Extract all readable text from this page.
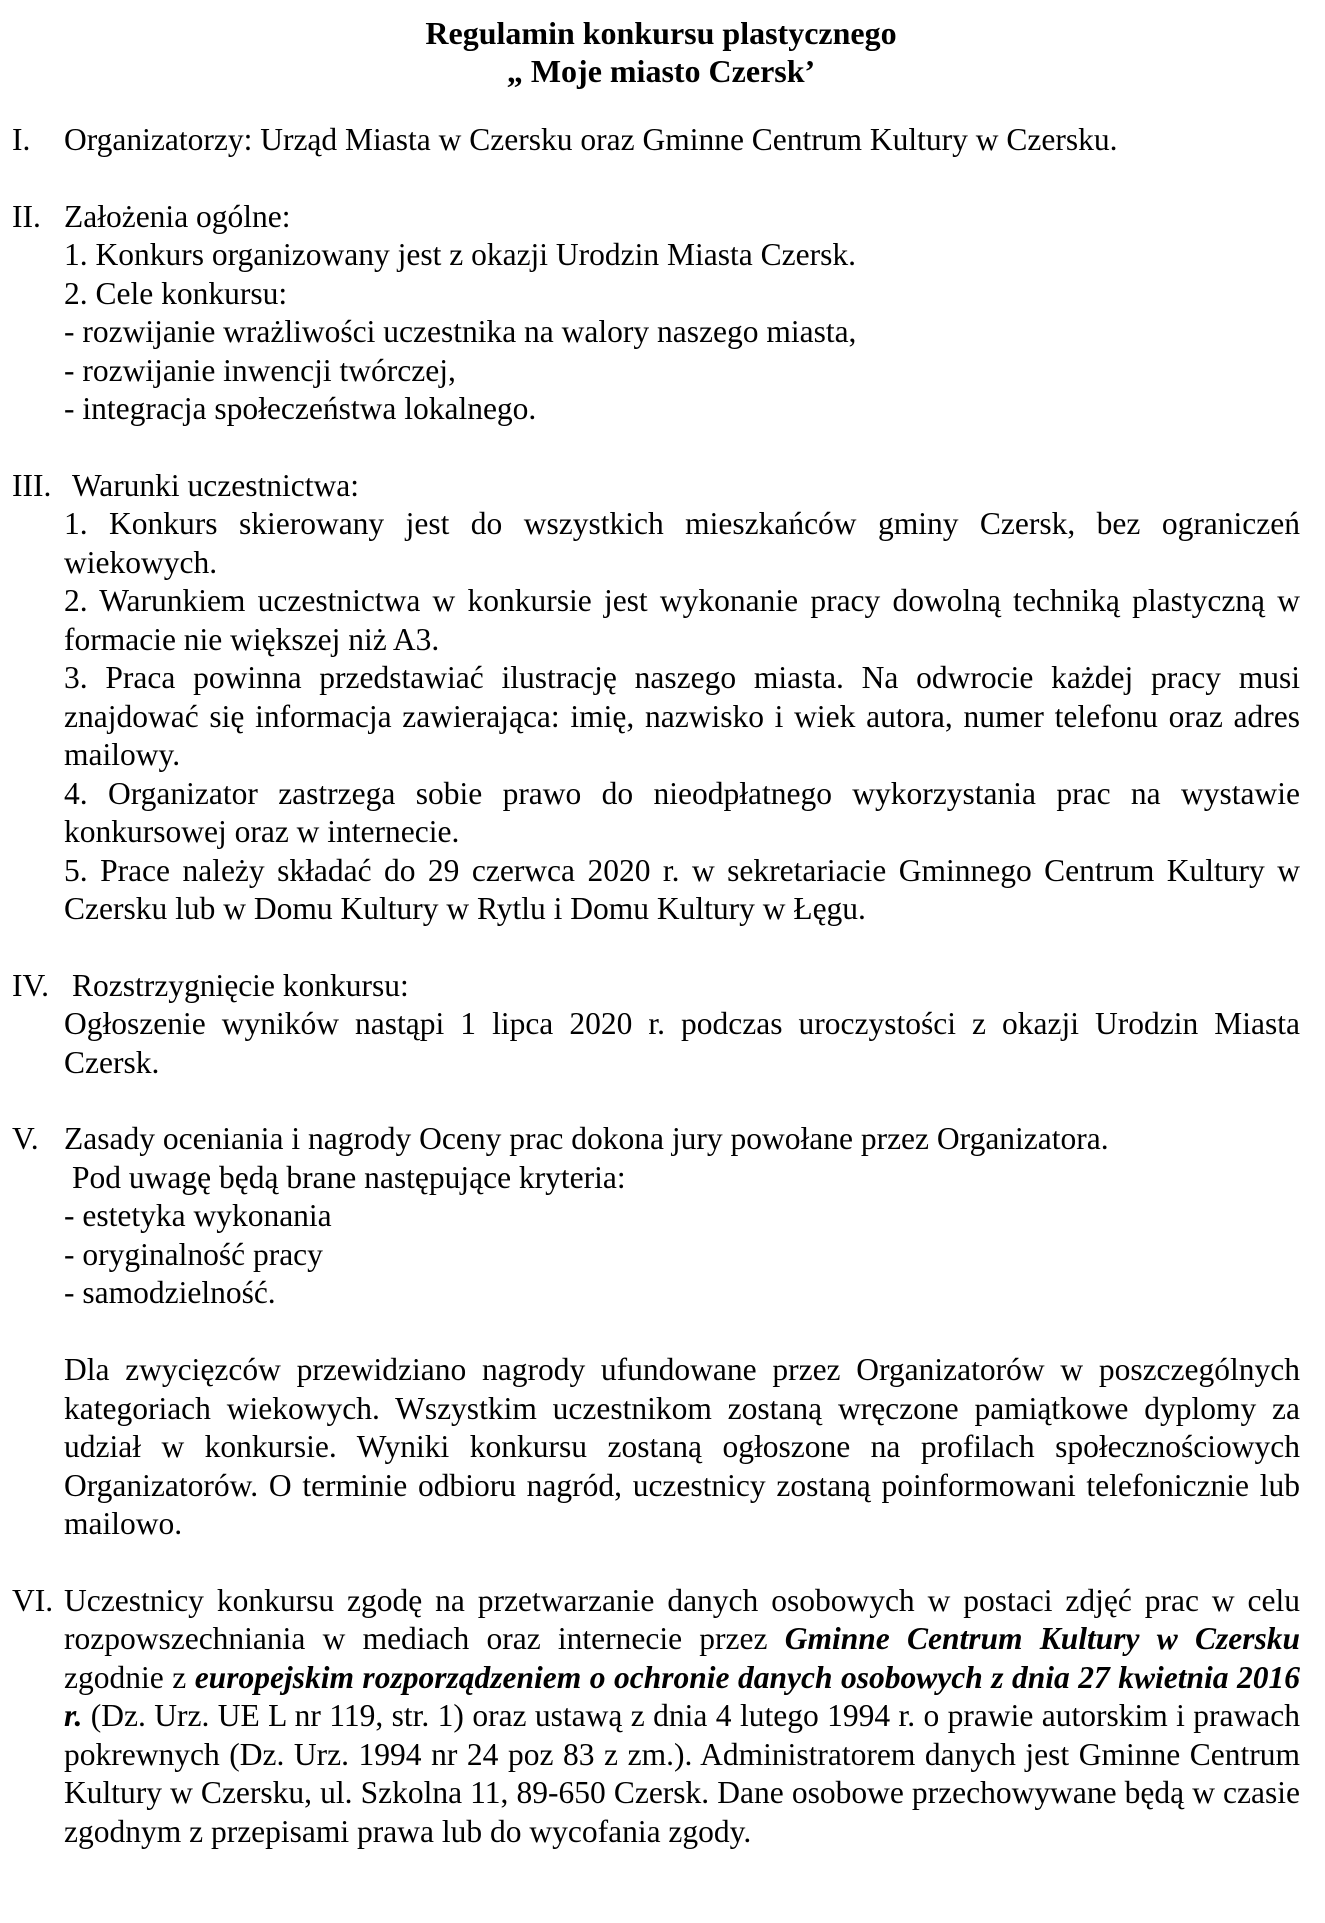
Regulamin konkursu plastycznego
„ Moje miasto Czersk’
I.	Organizatorzy: Urząd Miasta w Czersku oraz Gminne Centrum Kultury w Czersku.
II. Założenia ogólne:
1. Konkurs organizowany jest z okazji Urodzin Miasta Czersk.
2. Cele konkursu:
- rozwijanie wrażliwości uczestnika na walory naszego miasta,
- rozwijanie inwencji twórczej,
- integracja społeczeństwa lokalnego.
III. Warunki uczestnictwa:
1. Konkurs skierowany jest do wszystkich mieszkańców gminy Czersk, bez ograniczeń wiekowych.
2. Warunkiem uczestnictwa w konkursie jest wykonanie pracy dowolną techniką plastyczną w formacie nie większej niż A3.
3. Praca powinna przedstawiać ilustrację naszego miasta. Na odwrocie każdej pracy musi znajdować się informacja zawierająca: imię, nazwisko i wiek autora, numer telefonu oraz adres mailowy.
4. Organizator zastrzega sobie prawo do nieodpłatnego wykorzystania prac na wystawie konkursowej oraz w internecie.
5. Prace należy składać do 29 czerwca 2020 r. w sekretariacie Gminnego Centrum Kultury w Czersku lub w Domu Kultury w Rytlu i Domu Kultury w Łęgu.
IV. Rozstrzygnięcie konkursu:
Ogłoszenie wyników nastąpi 1 lipca 2020 r. podczas uroczystości z okazji Urodzin Miasta Czersk.
V. Zasady oceniania i nagrody Oceny prac dokona jury powołane przez Organizatora.
Pod uwagę będą brane następujące kryteria:
- estetyka wykonania
- oryginalność pracy
- samodzielność.
Dla zwycięzców przewidziano nagrody ufundowane przez Organizatorów w poszczególnych kategoriach wiekowych. Wszystkim uczestnikom zostaną wręczone pamiątkowe dyplomy za udział w konkursie. Wyniki konkursu zostaną ogłoszone na profilach społecznościowych Organizatorów. O terminie odbioru nagród, uczestnicy zostaną poinformowani telefonicznie lub mailowo.
VI. Uczestnicy konkursu zgodę na przetwarzanie danych osobowych w postaci zdjęć prac w celu rozpowszechniania w mediach oraz internecie przez Gminne Centrum Kultury w Czersku zgodnie z europejskim rozporządzeniem o ochronie danych osobowych z dnia 27 kwietnia 2016 r. (Dz. Urz. UE L nr 119, str. 1) oraz ustawą z dnia 4 lutego 1994 r. o prawie autorskim i prawach pokrewnych (Dz. Urz. 1994 nr 24 poz 83 z zm.). Administratorem danych jest Gminne Centrum Kultury w Czersku, ul. Szkolna 11, 89-650 Czersk. Dane osobowe przechowywane będą w czasie zgodnym z przepisami prawa lub do wycofania zgody.
